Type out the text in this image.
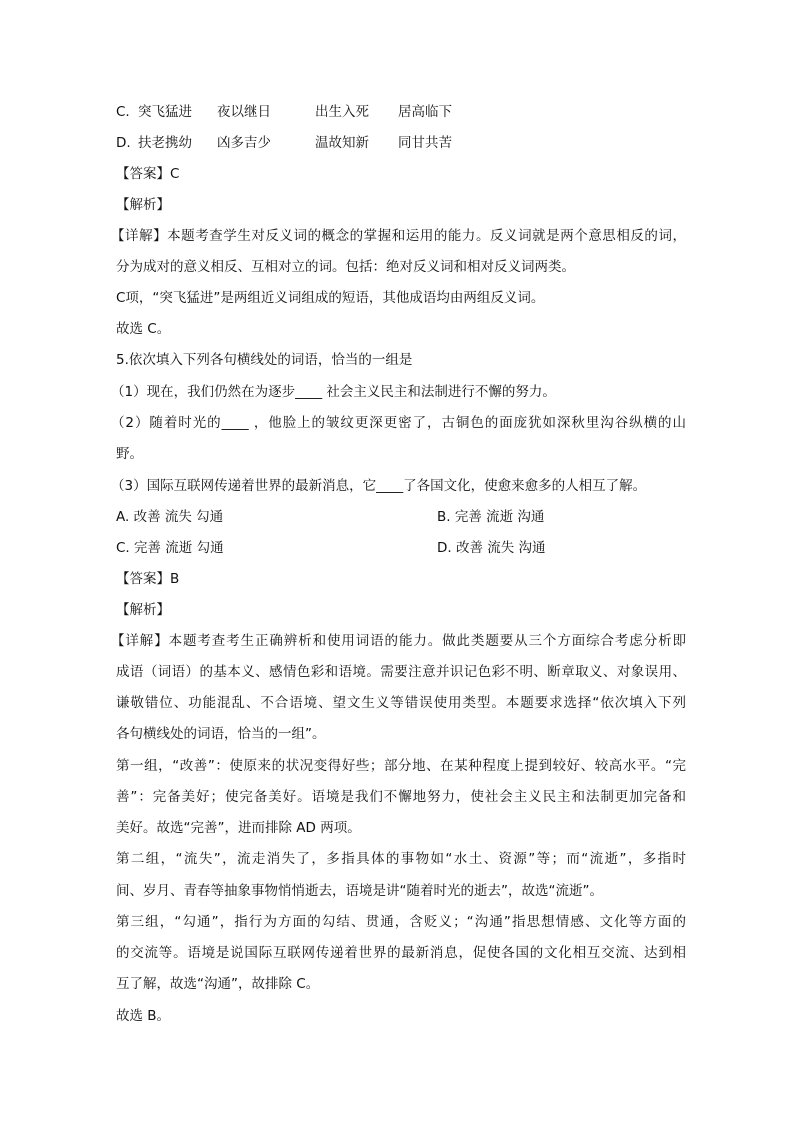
C. 突飞猛进 夜以继日	出生入死 居高临下
D. 扶老携幼 凶多吉少	温故知新 同甘共苦
【答案】C
【解析】
【详解】本题考查学生对反义词的概念的掌握和运用的能力。反义词就是两个意思相反的词，
分为成对的意义相反、互相对立的词。包括：绝对反义词和相对反义词两类。
C项，“突飞猛进”是两组近义词组成的短语，其他成语均由两组反义词。
故选 C。
5.依次填入下列各句横线处的词语，恰当的一组是
（1）现在，我们仍然在为逐步____ 社会主义民主和法制进行不懈的努力。
（2）随着时光的____ ，他脸上的皱纹更深更密了，古铜色的面庞犹如深秋里沟谷纵横的山
野。
（3）国际互联网传递着世界的最新消息，它____了各国文化，使愈来愈多的人相互了解。
A. 改善 流失 勾通	B. 完善 流逝 沟通
C. 完善 流逝 勾通	D. 改善 流失 沟通
【答案】B
【解析】
【详解】本题考查考生正确辨析和使用词语的能力。做此类题要从三个方面综合考虑分析即
成语（词语）的基本义、感情色彩和语境。需要注意并识记色彩不明、断章取义、对象误用、
谦敬错位、功能混乱、不合语境、望文生义等错误使用类型。本题要求选择“依次填入下列
各句横线处的词语，恰当的一组”。
第一组，“改善”：使原来的状况变得好些；部分地、在某种程度上提到较好、较高水平。“完
善”：完备美好；使完备美好。语境是我们不懈地努力，使社会主义民主和法制更加完备和
美好。故选“完善”，进而排除 AD 两项。
第二组，“流失”，流走消失了，多指具体的事物如“水土、资源”等；而“流逝”，多指时
间、岁月、青春等抽象事物悄悄逝去，语境是讲“随着时光的逝去”，故选“流逝”。
第三组，“勾通”，指行为方面的勾结、贯通，含贬义；“沟通”指思想情感、文化等方面的
的交流等。语境是说国际互联网传递着世界的最新消息，促使各国的文化相互交流、达到相
互了解，故选“沟通”，故排除 C。
故选 B。
